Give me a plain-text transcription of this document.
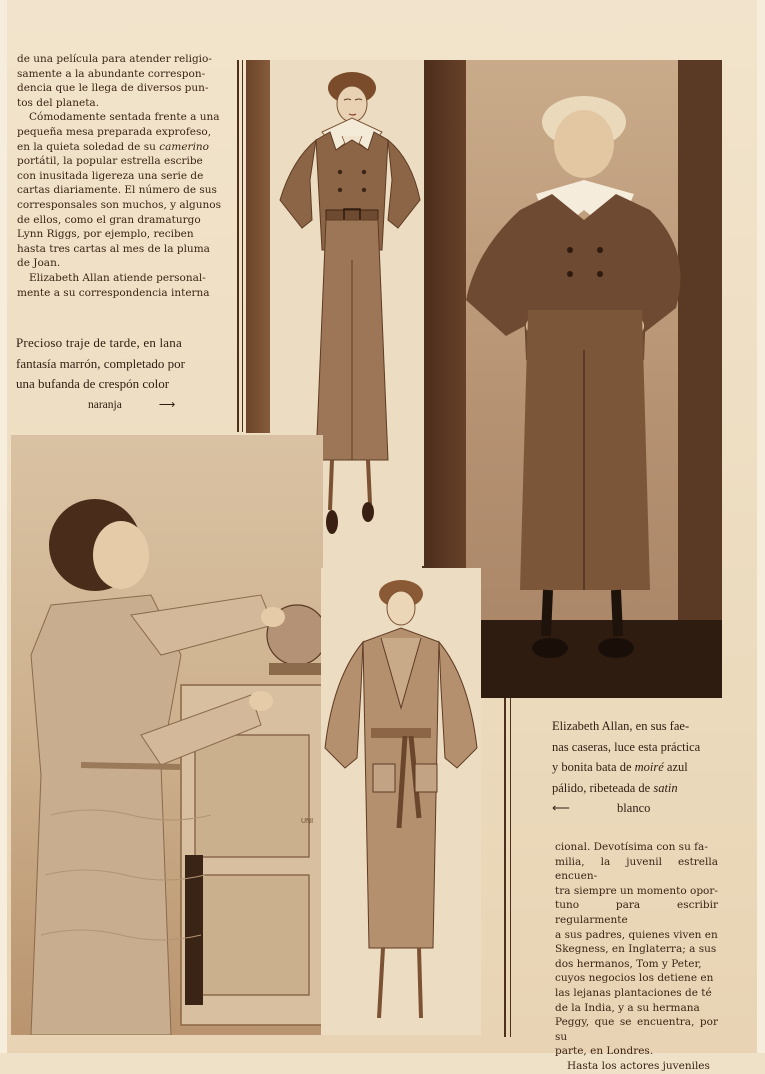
de una película para atender religio-
samente a la abundante correspon-
dencia que le llega de diversos pun-
tos del planeta.
Cómodamente sentada frente a una
pequeña mesa preparada exprofeso,
en la quieta soledad de su camerino
portátil, la popular estrella escribe
con inusitada ligereza una serie de
cartas diariamente. El número de sus
corresponsales son muchos, y algunos
de ellos, como el gran dramaturgo
Lynn Riggs, por ejemplo, reciben
hasta tres cartas al mes de la pluma
de Joan.
Elizabeth Allan atiende personal-
mente a su correspondencia interna
Precioso traje de tarde, en lana
fantasía marrón, completado por
una bufanda de crespón color
naranja	⟶
UNI
Elizabeth Allan, en sus fae-
nas caseras, luce esta práctica
y bonita bata de moiré azul
pálido, ribeteada de satin
⟵	blanco
cional. Devotísima con su fa-
milia, la juvenil estrella encuen-
tra siempre un momento opor-
tuno para escribir regularmente
a sus padres, quienes viven en
Skegness, en Inglaterra; a sus
dos hermanos, Tom y Peter,
cuyos negocios los detiene en
las lejanas plantaciones de té
de la India, y a su hermana
Peggy, que se encuentra, por su
parte, en Londres.
Hasta los actores juveniles
